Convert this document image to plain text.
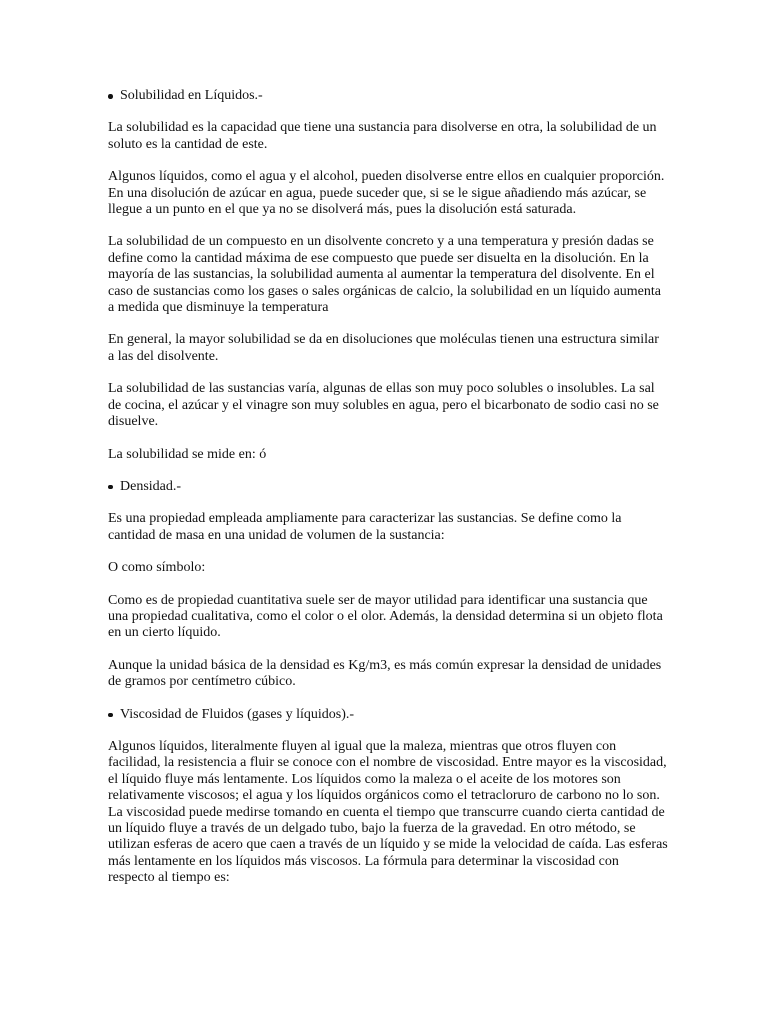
Solubilidad en Líquidos.-

La solubilidad es la capacidad que tiene una sustancia para disolverse en otra, la solubilidad de un soluto es la cantidad de este.

Algunos líquidos, como el agua y el alcohol, pueden disolverse entre ellos en cualquier proporción. En una disolución de azúcar en agua, puede suceder que, si se le sigue añadiendo más azúcar, se llegue a un punto en el que ya no se disolverá más, pues la disolución está saturada.

La solubilidad de un compuesto en un disolvente concreto y a una temperatura y presión dadas se define como la cantidad máxima de ese compuesto que puede ser disuelta en la disolución. En la mayoría de las sustancias, la solubilidad aumenta al aumentar la temperatura del disolvente. En el caso de sustancias como los gases o sales orgánicas de calcio, la solubilidad en un líquido aumenta a medida que disminuye la temperatura

En general, la mayor solubilidad se da en disoluciones que moléculas tienen una estructura similar a las del disolvente.

La solubilidad de las sustancias varía, algunas de ellas son muy poco solubles o insolubles. La sal de cocina, el azúcar y el vinagre son muy solubles en agua, pero el bicarbonato de sodio casi no se disuelve.

La solubilidad se mide en: ó

Densidad.-

Es una propiedad empleada ampliamente para caracterizar las sustancias. Se define como la cantidad de masa en una unidad de volumen de la sustancia:

O como símbolo:

Como es de propiedad cuantitativa suele ser de mayor utilidad para identificar una sustancia que una propiedad cualitativa, como el color o el olor. Además, la densidad determina si un objeto flota en un cierto líquido.

Aunque la unidad básica de la densidad es Kg/m3, es más común expresar la densidad de unidades de gramos por centímetro cúbico.

Viscosidad de Fluidos (gases y líquidos).-

Algunos líquidos, literalmente fluyen al igual que la maleza, mientras que otros fluyen con facilidad, la resistencia a fluir se conoce con el nombre de viscosidad. Entre mayor es la viscosidad, el líquido fluye más lentamente. Los líquidos como la maleza o el aceite de los motores son relativamente viscosos; el agua y los líquidos orgánicos como el tetracloruro de carbono no lo son. La viscosidad puede medirse tomando en cuenta el tiempo que transcurre cuando cierta cantidad de un líquido fluye a través de un delgado tubo, bajo la fuerza de la gravedad. En otro método, se utilizan esferas de acero que caen a través de un líquido y se mide la velocidad de caída. Las esferas más lentamente en los líquidos más viscosos. La fórmula para determinar la viscosidad con respecto al tiempo es:
